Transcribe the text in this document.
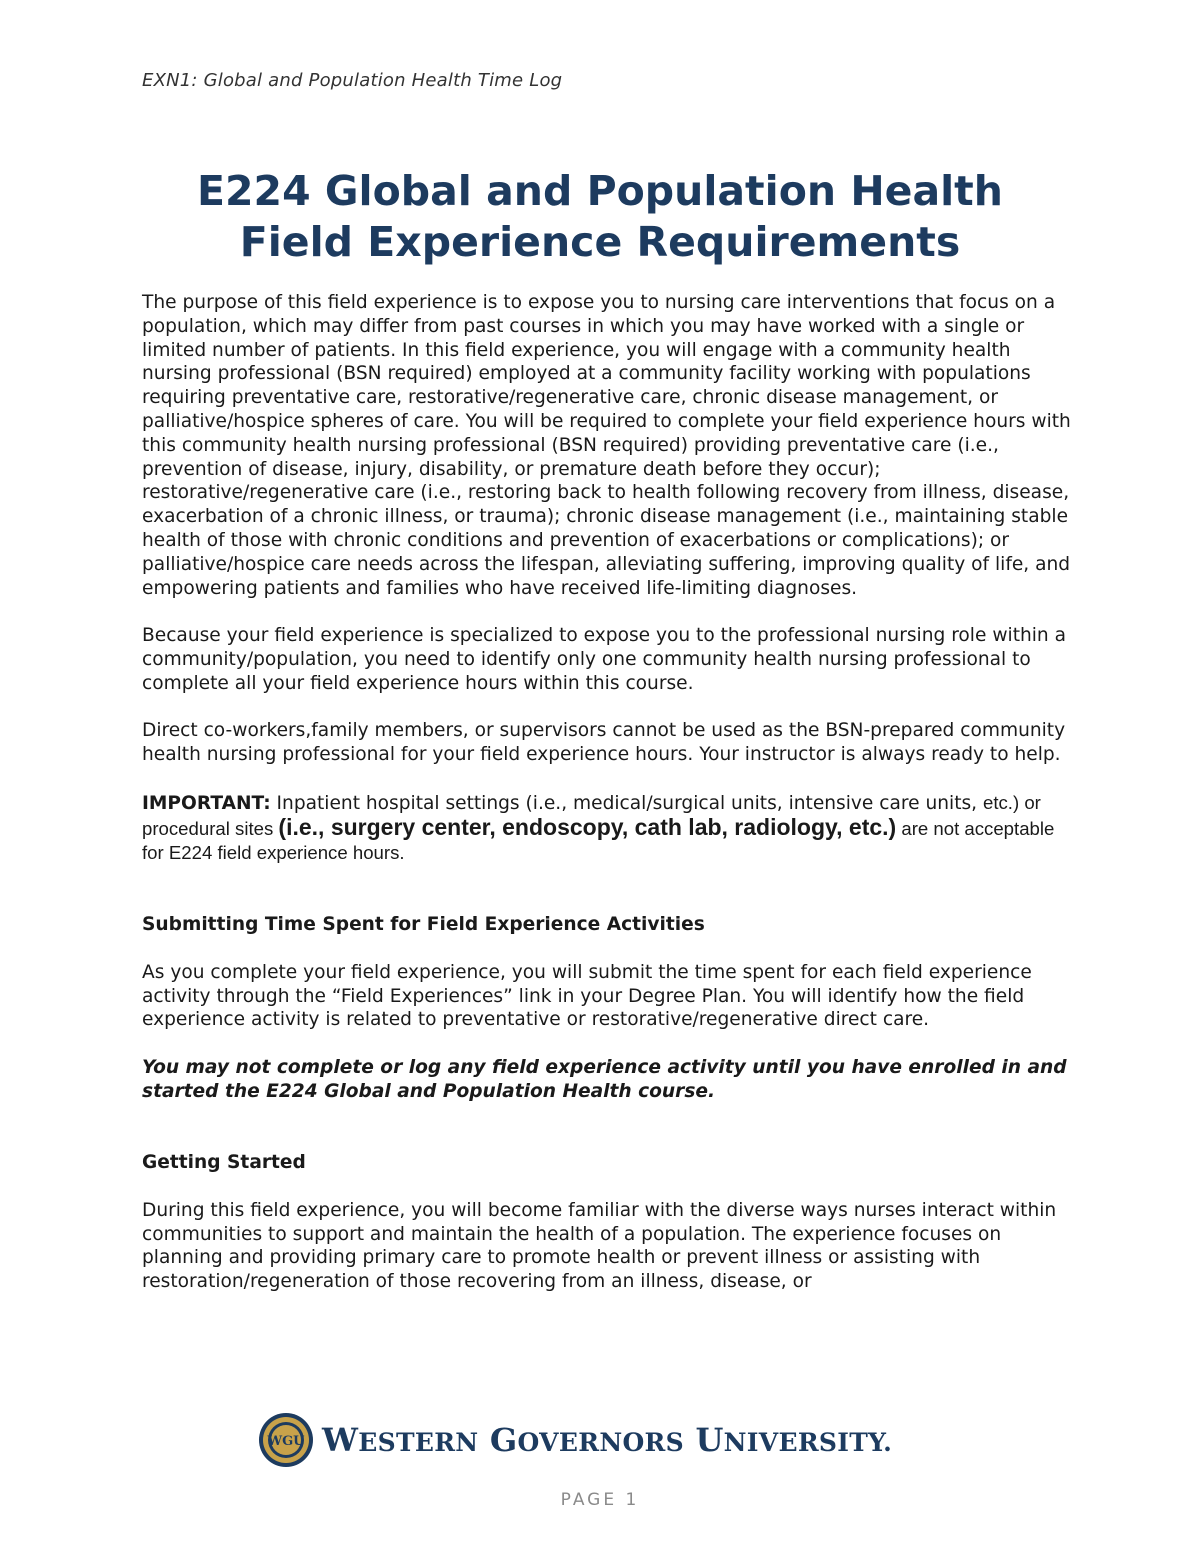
EXN1: Global and Population Health Time Log
E224 Global and Population Health
Field Experience Requirements

The purpose of this field experience is to expose you to nursing care interventions that focus on a population, which may differ from past courses in which you may have worked with a single or limited number of patients. In this field experience, you will engage with a community health nursing professional (BSN required) employed at a community facility working with populations requiring preventative care, restorative/regenerative care, chronic disease management, or palliative/hospice spheres of care. You will be required to complete your field experience hours with this community health nursing professional (BSN required) providing preventative care (i.e., prevention of disease, injury, disability, or premature death before they occur); restorative/regenerative care (i.e., restoring back to health following recovery from illness, disease, exacerbation of a chronic illness, or trauma); chronic disease management (i.e., maintaining stable health of those with chronic conditions and prevention of exacerbations or complications); or palliative/hospice care needs across the lifespan, alleviating suffering, improving quality of life, and empowering patients and families who have received life-limiting diagnoses.

Because your field experience is specialized to expose you to the professional nursing role within a community/population, you need to identify only one community health nursing professional to complete all your field experience hours within this course.

Direct co-workers,family members, or supervisors cannot be used as the BSN-prepared community health nursing professional for your field experience hours. Your instructor is always ready to help.

IMPORTANT: Inpatient hospital settings (i.e., medical/surgical units, intensive care units, etc.) or procedural sites (i.e., surgery center, endoscopy, cath lab, radiology, etc.) are not acceptable for E224 field experience hours.

Submitting Time Spent for Field Experience Activities

As you complete your field experience, you will submit the time spent for each field experience activity through the “Field Experiences” link in your Degree Plan. You will identify how the field experience activity is related to preventative or restorative/regenerative direct care.

You may not complete or log any field experience activity until you have enrolled in and started the E224 Global and Population Health course.

Getting Started

During this field experience, you will become familiar with the diverse ways nurses interact within communities to support and maintain the health of a population. The experience focuses on planning and providing primary care to promote health or prevent illness or assisting with restoration/regeneration of those recovering from an illness, disease, or

WGU WESTERN GOVERNORS UNIVERSITY.
PAGE 1
